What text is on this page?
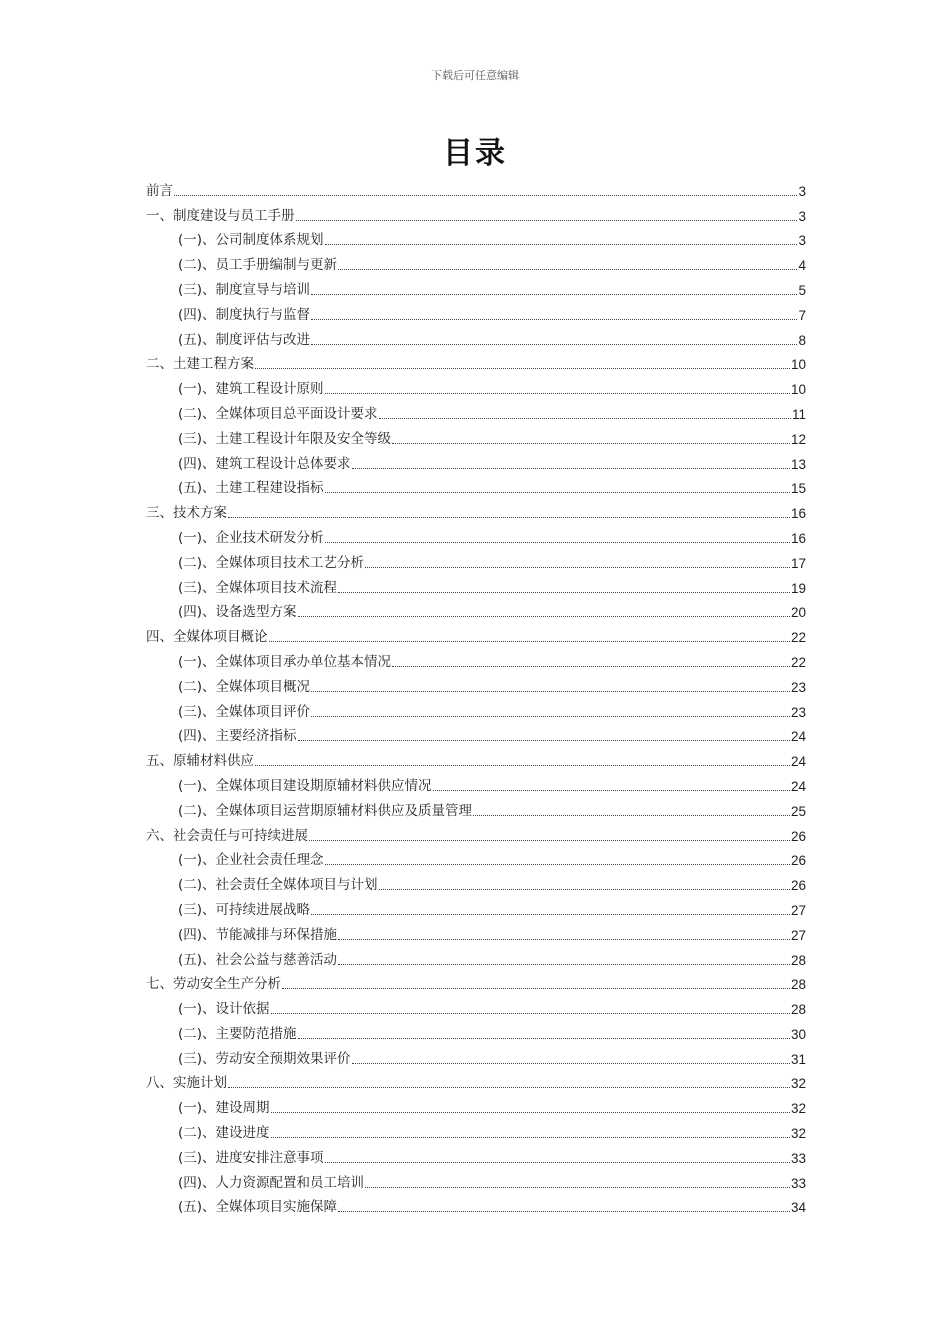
下载后可任意编辑
目录
前言	3
一、制度建设与员工手册	3
(一)、公司制度体系规划	3
(二)、员工手册编制与更新	4
(三)、制度宣导与培训	5
(四)、制度执行与监督	7
(五)、制度评估与改进	8
二、土建工程方案	10
(一)、建筑工程设计原则	10
(二)、全媒体项目总平面设计要求	11
(三)、土建工程设计年限及安全等级	12
(四)、建筑工程设计总体要求	13
(五)、土建工程建设指标	15
三、技术方案	16
(一)、企业技术研发分析	16
(二)、全媒体项目技术工艺分析	17
(三)、全媒体项目技术流程	19
(四)、设备选型方案	20
四、全媒体项目概论	22
(一)、全媒体项目承办单位基本情况	22
(二)、全媒体项目概况	23
(三)、全媒体项目评价	23
(四)、主要经济指标	24
五、原辅材料供应	24
(一)、全媒体项目建设期原辅材料供应情况	24
(二)、全媒体项目运营期原辅材料供应及质量管理	25
六、社会责任与可持续进展	26
(一)、企业社会责任理念	26
(二)、社会责任全媒体项目与计划	26
(三)、可持续进展战略	27
(四)、节能减排与环保措施	27
(五)、社会公益与慈善活动	28
七、劳动安全生产分析	28
(一)、设计依据	28
(二)、主要防范措施	30
(三)、劳动安全预期效果评价	31
八、实施计划	32
(一)、建设周期	32
(二)、建设进度	32
(三)、进度安排注意事项	33
(四)、人力资源配置和员工培训	33
(五)、全媒体项目实施保障	34
